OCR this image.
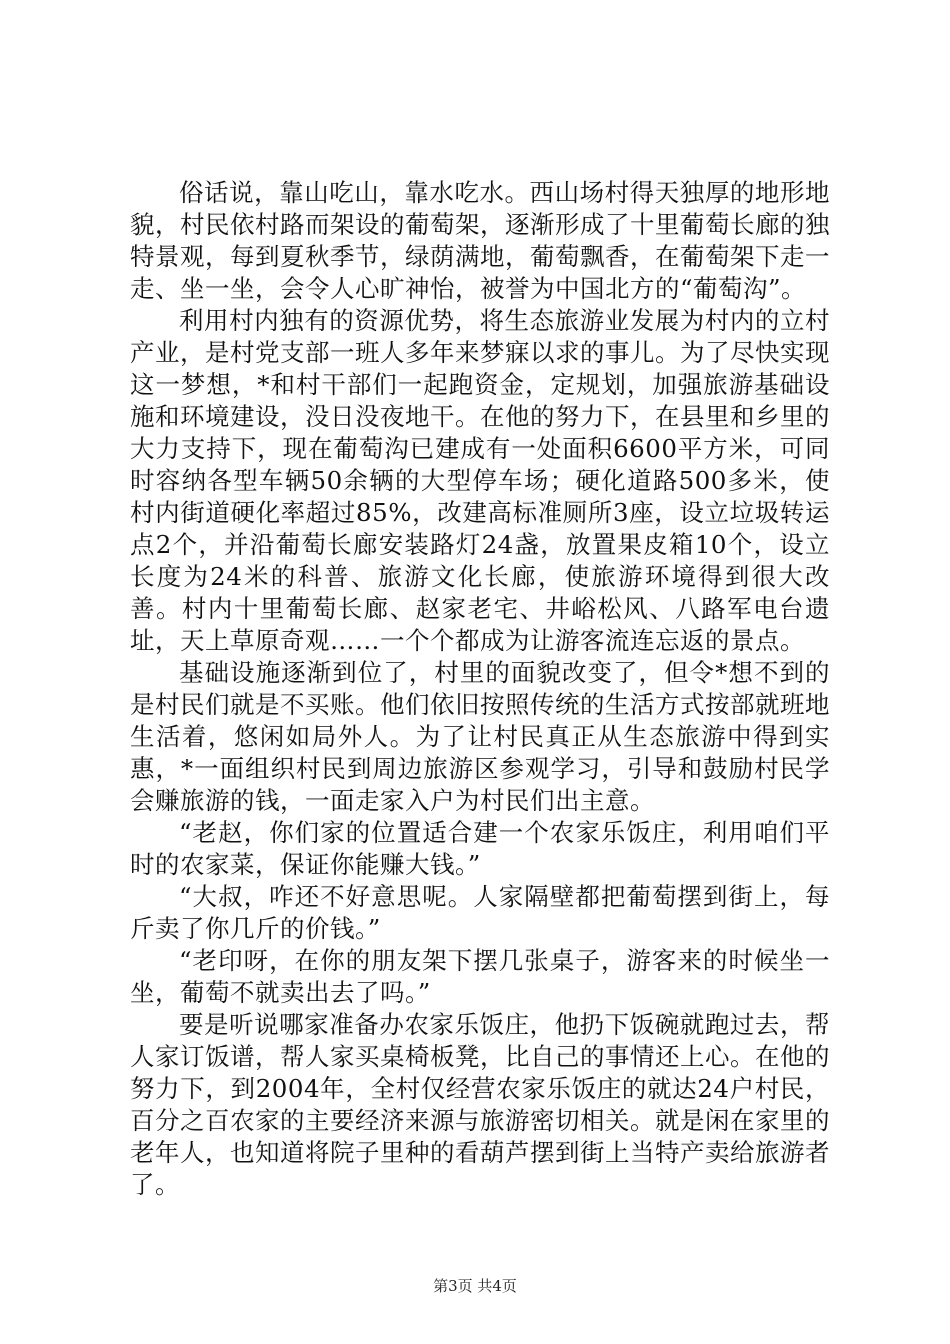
俗话说，靠山吃山，靠水吃水。西山场村得天独厚的地形地貌，村民依村路而架设的葡萄架，逐渐形成了十里葡萄长廊的独特景观，每到夏秋季节，绿荫满地，葡萄飘香，在葡萄架下走一走、坐一坐，会令人心旷神怡，被誉为中国北方的“葡萄沟”。

利用村内独有的资源优势，将生态旅游业发展为村内的立村产业，是村党支部一班人多年来梦寐以求的事儿。为了尽快实现这一梦想，*和村干部们一起跑资金，定规划，加强旅游基础设施和环境建设，没日没夜地干。在他的努力下，在县里和乡里的大力支持下，现在葡萄沟已建成有一处面积6600平方米，可同时容纳各型车辆50余辆的大型停车场；硬化道路500多米，使村内街道硬化率超过85%，改建高标准厕所3座，设立垃圾转运点2个，并沿葡萄长廊安装路灯24盏，放置果皮箱10个，设立长度为24米的科普、旅游文化长廊，使旅游环境得到很大改善。村内十里葡萄长廊、赵家老宅、井峪松风、八路军电台遗址，天上草原奇观……一个个都成为让游客流连忘返的景点。

基础设施逐渐到位了，村里的面貌改变了，但令*想不到的是村民们就是不买账。他们依旧按照传统的生活方式按部就班地生活着，悠闲如局外人。为了让村民真正从生态旅游中得到实惠，*一面组织村民到周边旅游区参观学习，引导和鼓励村民学会赚旅游的钱，一面走家入户为村民们出主意。

“老赵，你们家的位置适合建一个农家乐饭庄，利用咱们平时的农家菜，保证你能赚大钱。”

“大叔，咋还不好意思呢。人家隔壁都把葡萄摆到街上，每斤卖了你几斤的价钱。”

“老印呀，在你的朋友架下摆几张桌子，游客来的时候坐一坐，葡萄不就卖出去了吗。”

要是听说哪家准备办农家乐饭庄，他扔下饭碗就跑过去，帮人家订饭谱，帮人家买桌椅板凳，比自己的事情还上心。在他的努力下，到2004年，全村仅经营农家乐饭庄的就达24户村民，百分之百农家的主要经济来源与旅游密切相关。就是闲在家里的老年人，也知道将院子里种的看葫芦摆到街上当特产卖给旅游者了。

第3页 共4页
